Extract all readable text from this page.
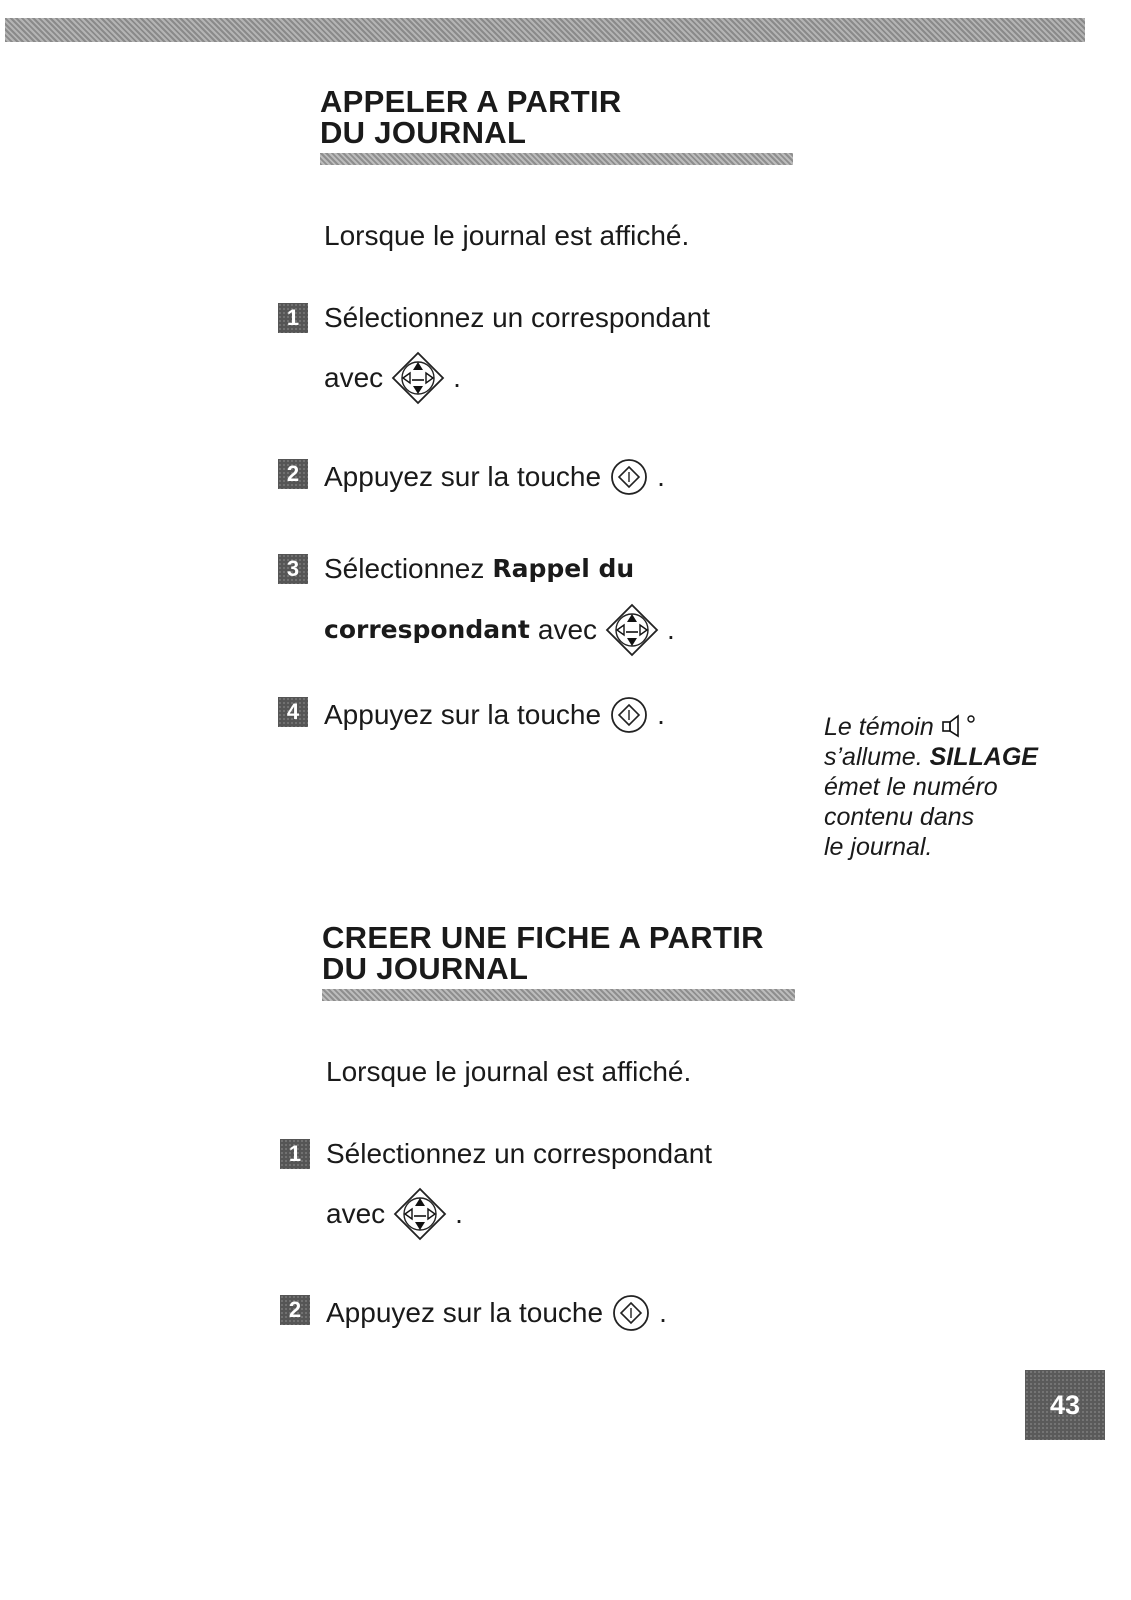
APPELER A PARTIR
DU JOURNAL
Lorsque le journal est affiché.
1 Sélectionnez un correspondant
avec	.
2 Appuyez sur la touche .
3 Sélectionnez Rappel du
correspondant avec	.
4 Appuyez sur la touche .	Le témoin
s’allume. SILLAGE
émet le numéro
contenu dans
le journal.
CREER UNE FICHE A PARTIR
DU JOURNAL
Lorsque le journal est affiché.
1 Sélectionnez un correspondant
avec	.
2 Appuyez sur la touche .
43
